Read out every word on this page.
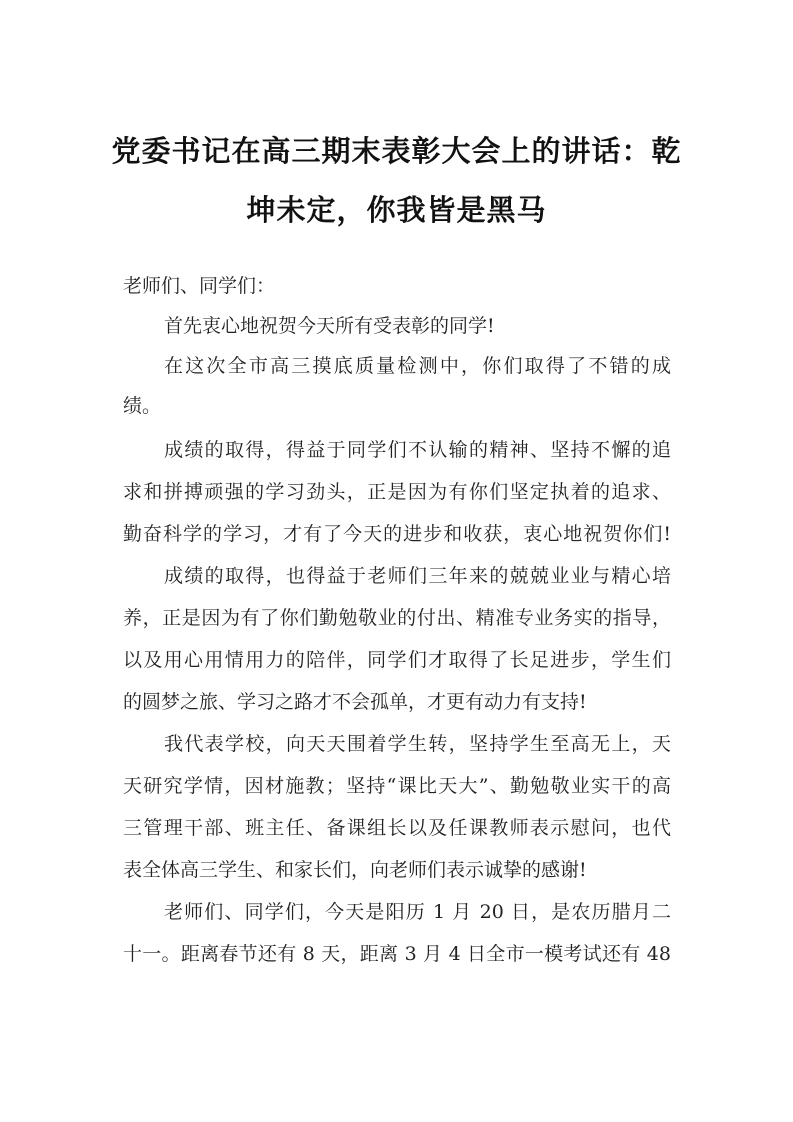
党委书记在高三期末表彰大会上的讲话：乾
坤未定，你我皆是黑马
老师们、同学们：
首先衷心地祝贺今天所有受表彰的同学!
在这次全市高三摸底质量检测中，你们取得了不错的成
绩。
成绩的取得，得益于同学们不认输的精神、坚持不懈的追
求和拼搏顽强的学习劲头，正是因为有你们坚定执着的追求、
勤奋科学的学习，才有了今天的进步和收获，衷心地祝贺你们!
成绩的取得，也得益于老师们三年来的兢兢业业与精心培
养，正是因为有了你们勤勉敬业的付出、精准专业务实的指导，
以及用心用情用力的陪伴，同学们才取得了长足进步，学生们
的圆梦之旅、学习之路才不会孤单，才更有动力有支持!
我代表学校，向天天围着学生转，坚持学生至高无上，天
天研究学情，因材施教；坚持“课比天大”、勤勉敬业实干的高
三管理干部、班主任、备课组长以及任课教师表示慰问，也代
表全体高三学生、和家长们，向老师们表示诚挚的感谢!
老师们、同学们，今天是阳历 1 月 20 日，是农历腊月二
十一。距离春节还有 8 天，距离 3 月 4 日全市一模考试还有 48
